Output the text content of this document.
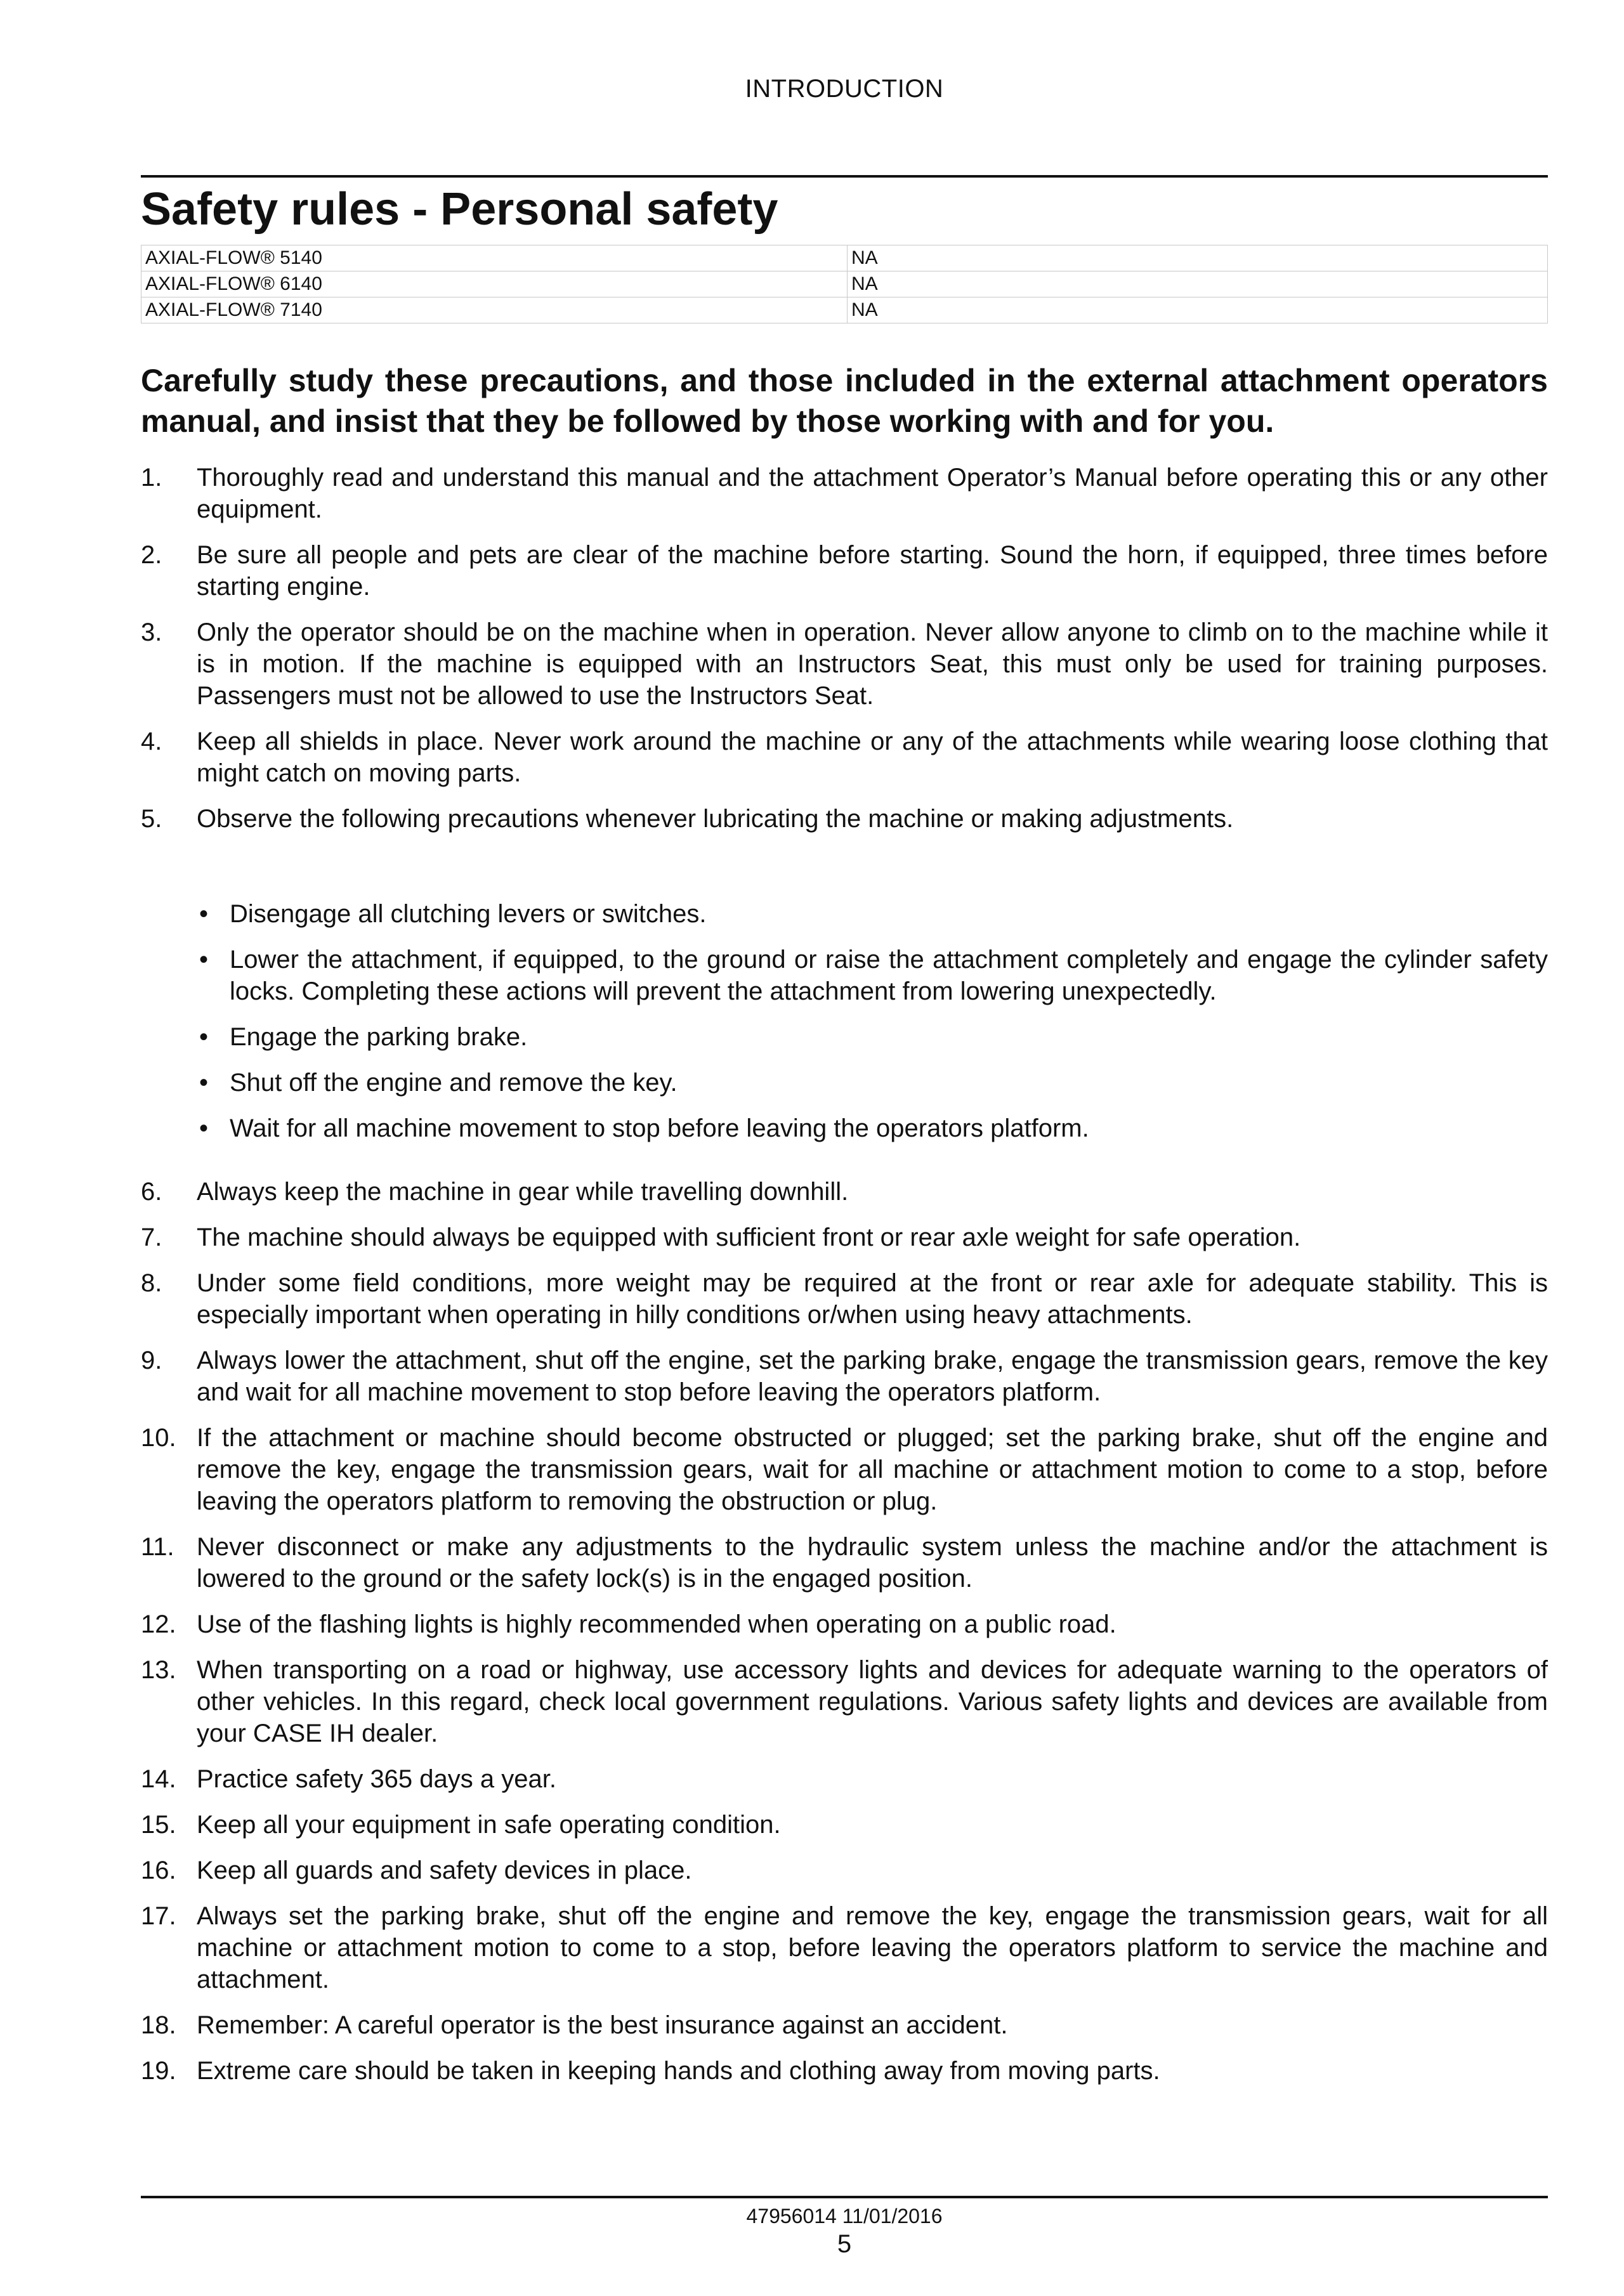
INTRODUCTION
Safety rules - Personal safety
AXIAL-FLOW® 5140	NA
AXIAL-FLOW® 6140	NA
AXIAL-FLOW® 7140	NA

Carefully study these precautions, and those included in the external attachment operators manual, and insist that they be followed by those working with and for you.

1. Thoroughly read and understand this manual and the attachment Operator’s Manual before operating this or any other equipment.
2. Be sure all people and pets are clear of the machine before starting. Sound the horn, if equipped, three times before starting engine.
3. Only the operator should be on the machine when in operation. Never allow anyone to climb on to the machine while it is in motion. If the machine is equipped with an Instructors Seat, this must only be used for training purposes. Passengers must not be allowed to use the Instructors Seat.
4. Keep all shields in place. Never work around the machine or any of the attachments while wearing loose clothing that might catch on moving parts.
5. Observe the following precautions whenever lubricating the machine or making adjustments.
• Disengage all clutching levers or switches.
• Lower the attachment, if equipped, to the ground or raise the attachment completely and engage the cylinder safety locks. Completing these actions will prevent the attachment from lowering unexpectedly.
• Engage the parking brake.
• Shut off the engine and remove the key.
• Wait for all machine movement to stop before leaving the operators platform.
6. Always keep the machine in gear while travelling downhill.
7. The machine should always be equipped with sufficient front or rear axle weight for safe operation.
8. Under some field conditions, more weight may be required at the front or rear axle for adequate stability. This is especially important when operating in hilly conditions or/when using heavy attachments.
9. Always lower the attachment, shut off the engine, set the parking brake, engage the transmission gears, remove the key and wait for all machine movement to stop before leaving the operators platform.
10. If the attachment or machine should become obstructed or plugged; set the parking brake, shut off the engine and remove the key, engage the transmission gears, wait for all machine or attachment motion to come to a stop, before leaving the operators platform to removing the obstruction or plug.
11. Never disconnect or make any adjustments to the hydraulic system unless the machine and/or the attachment is lowered to the ground or the safety lock(s) is in the engaged position.
12. Use of the flashing lights is highly recommended when operating on a public road.
13. When transporting on a road or highway, use accessory lights and devices for adequate warning to the operators of other vehicles. In this regard, check local government regulations. Various safety lights and devices are available from your CASE IH dealer.
14. Practice safety 365 days a year.
15. Keep all your equipment in safe operating condition.
16. Keep all guards and safety devices in place.
17. Always set the parking brake, shut off the engine and remove the key, engage the transmission gears, wait for all machine or attachment motion to come to a stop, before leaving the operators platform to service the machine and attachment.
18. Remember: A careful operator is the best insurance against an accident.
19. Extreme care should be taken in keeping hands and clothing away from moving parts.
47956014 11/01/2016
5
